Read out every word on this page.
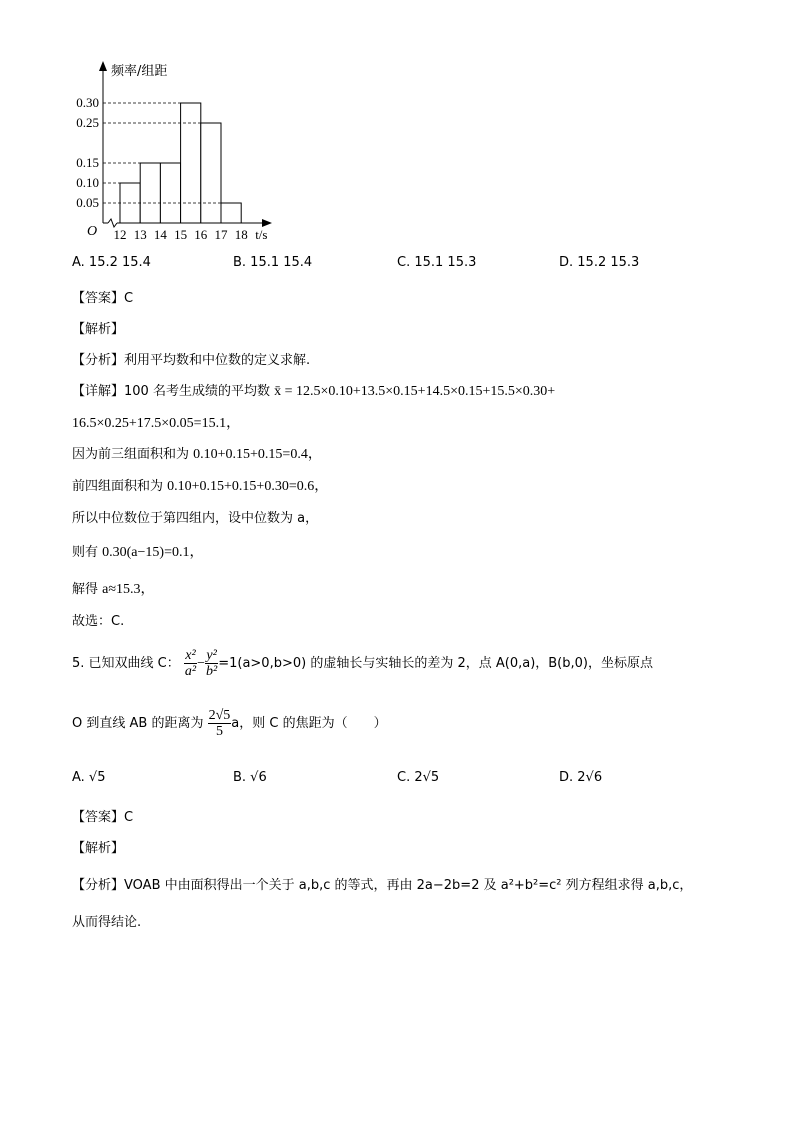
频率/组距
O
0.30
0.25
0.15
0.10
0.05
12 13 14 15 16 17 18 t/s
A. 15.2 15.4	B. 15.1 15.4	C. 15.1 15.3	D. 15.2 15.3
【答案】C
【解析】
【分析】利用平均数和中位数的定义求解.
【详解】100 名考生成绩的平均数 x̄ = 12.5×0.10+13.5×0.15+14.5×0.15+15.5×0.30+
16.5×0.25+17.5×0.05=15.1，
因为前三组面积和为 0.10+0.15+0.15=0.4，
前四组面积和为 0.10+0.15+0.15+0.30=0.6，
所以中位数位于第四组内，设中位数为 a，
则有 0.30(a−15)=0.1，
解得 a≈15.3，
故选：C.
5. 已知双曲线 C： $\frac{\text{x²}}{\text{a²}} - \frac{\text{y²}}{\text{b²}} =1(a>0,b>0)$ 的虚轴长与实轴长的差为 2，点 A(0,a)，B(b,0)，坐标原点
O 到直线 AB 的距离为 $\frac{2√5}{5}$ a，则 C 的焦距为（　　）
A. √5	B. √6	C. 2√5	D. 2√6
【答案】C
【解析】
【分析】VOAB 中由面积得出一个关于 a,b,c 的等式，再由 2a−2b=2 及 a²+b²=c² 列方程组求得 a,b,c，
从而得结论.
